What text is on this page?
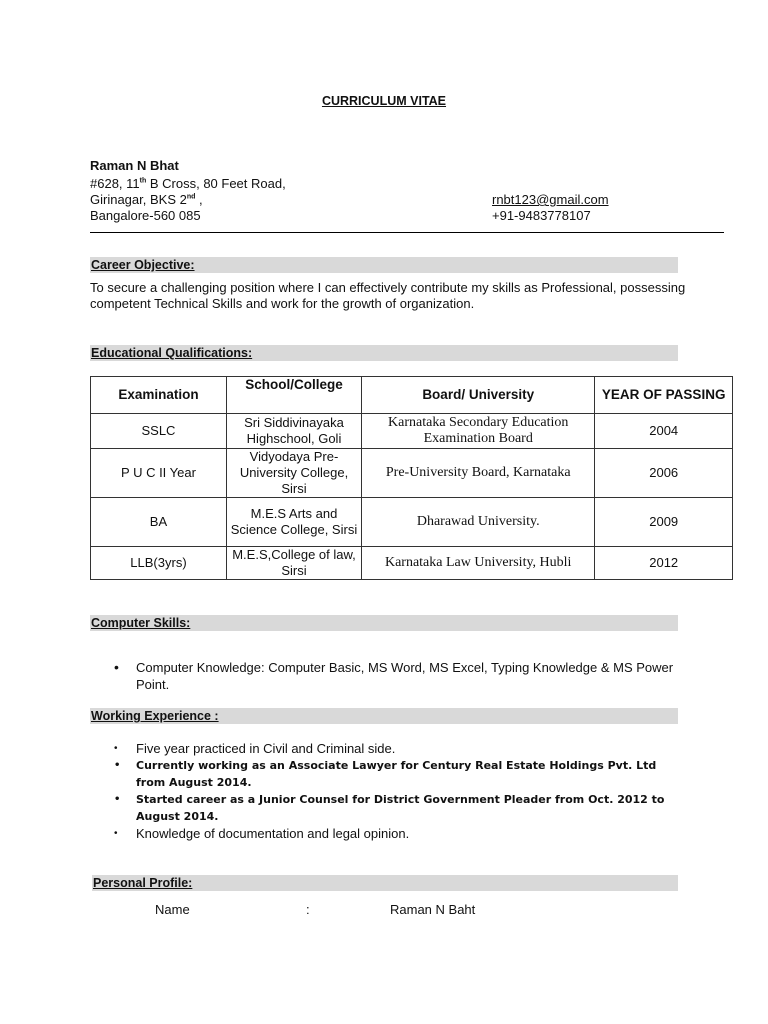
CURRICULUM VITAE
Raman N Bhat
#628, 11th B Cross, 80 Feet Road,
Girinagar, BKS 2nd ,
Bangalore-560 085
rnbt123@gmail.com
+91-9483778107
Career Objective:
To secure a challenging position where I can effectively contribute my skills as Professional, possessing competent Technical Skills and work for the growth of organization.
Educational Qualifications:
Examination	School/College	Board/ University	YEAR OF PASSING
SSLC	Sri Siddivinayaka Highschool, Goli	Karnataka Secondary Education Examination Board	2004
P U C II Year	Vidyodaya Pre-University College, Sirsi	Pre-University Board, Karnataka	2006
BA	M.E.S Arts and Science College, Sirsi	Dharawad University.	2009
LLB(3yrs)	M.E.S,College of law, Sirsi	Karnataka Law University, Hubli	2012
Computer Skills:
• Computer Knowledge: Computer Basic, MS Word, MS Excel, Typing Knowledge & MS Power Point.
Working Experience :
• Five year practiced in Civil and Criminal side.
• Currently working as an Associate Lawyer for Century Real Estate Holdings Pvt. Ltd from August 2014.
• Started career as a Junior Counsel for District Government Pleader from Oct. 2012 to August 2014.
• Knowledge of documentation and legal opinion.
Personal Profile:
Name	:	Raman N Baht
